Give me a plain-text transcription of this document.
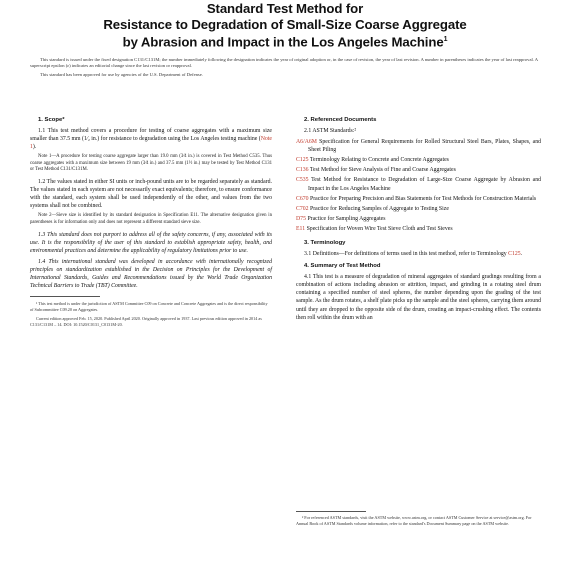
Standard Test Method for
Resistance to Degradation of Small-Size Coarse Aggregate
by Abrasion and Impact in the Los Angeles Machine$^1$

This standard is issued under the fixed designation C131/C131M; the number immediately following the designation indicates the year of original adoption or, in the case of revision, the year of last revision. A number in parentheses indicates the year of last reapproval. A superscript epsilon (ε) indicates an editorial change since the last revision or reapproval.

This standard has been approved for use by agencies of the U.S. Department of Defense.

1. Scope*

1.1 This test method covers a procedure for testing of coarse aggregates with a maximum size smaller than 37.5 mm (1⁄₂ in.) for resistance to degradation using the Los Angeles testing machine (Note 1).

Note 1—A procedure for testing coarse aggregate larger than 19.0 mm (3⁄4 in.) is covered in Test Method C535. Thus coarse aggregates with a maximum size between 19 mm (3⁄4 in.) and 37.5 mm (1½ in.) may be tested by Test Method C131 or Test Method C131/C131M.

1.2 The values stated in either SI units or inch-pound units are to be regarded separately as standard. The values stated in each system are not necessarily exact equivalents; therefore, to ensure conformance with the standard, each system shall be used independently of the other, and values from the two systems shall not be combined.

Note 2—Sieve size is identified by its standard designation in Specification E11. The alternative designation given in parentheses is for information only and does not represent a different standard sieve size.

1.3 This standard does not purport to address all of the safety concerns, if any, associated with its use. It is the responsibility of the user of this standard to establish appropriate safety, health, and environmental practices and determine the applicability of regulatory limitations prior to use.

1.4 This international standard was developed in accordance with internationally recognized principles on standardization established in the Decision on Principles for the Development of International Standards, Guides and Recommendations issued by the World Trade Organization Technical Barriers to Trade (TBT) Committee.

¹ This test method is under the jurisdiction of ASTM Committee C09 on Concrete and Concrete Aggregates and is the direct responsibility of Subcommittee C09.20 on Aggregates.

Current edition approved Feb. 15, 2020. Published April 2020. Originally approved in 1937. Last previous edition approved in 2014 as C131/C131M – 14. DOI: 10.1520/C0131_C0131M-20.

2. Referenced Documents

2.1 ASTM Standards:²

A6/A6M Specification for General Requirements for Rolled Structural Steel Bars, Plates, Shapes, and Sheet Piling

C125 Terminology Relating to Concrete and Concrete Aggregates

C136 Test Method for Sieve Analysis of Fine and Coarse Aggregates

C535 Test Method for Resistance to Degradation of Large-Size Coarse Aggregate by Abrasion and Impact in the Los Angeles Machine

C670 Practice for Preparing Precision and Bias Statements for Test Methods for Construction Materials

C702 Practice for Reducing Samples of Aggregate to Testing Size

D75 Practice for Sampling Aggregates

E11 Specification for Woven Wire Test Sieve Cloth and Test Sieves

3. Terminology

3.1 Definitions—For definitions of terms used in this test method, refer to Terminology C125.

4. Summary of Test Method

4.1 This test is a measure of degradation of mineral aggregates of standard gradings resulting from a combination of actions including abrasion or attrition, impact, and grinding in a rotating steel drum containing a specified number of steel spheres, the number depending upon the grading of the test sample. As the drum rotates, a shelf plate picks up the sample and the steel spheres, carrying them around until they are dropped to the opposite side of the drum, creating an impact-crushing effect. The contents then roll within the drum with an

² For referenced ASTM standards, visit the ASTM website, www.astm.org, or contact ASTM Customer Service at service@astm.org. For Annual Book of ASTM Standards volume information, refer to the standard's Document Summary page on the ASTM website.
